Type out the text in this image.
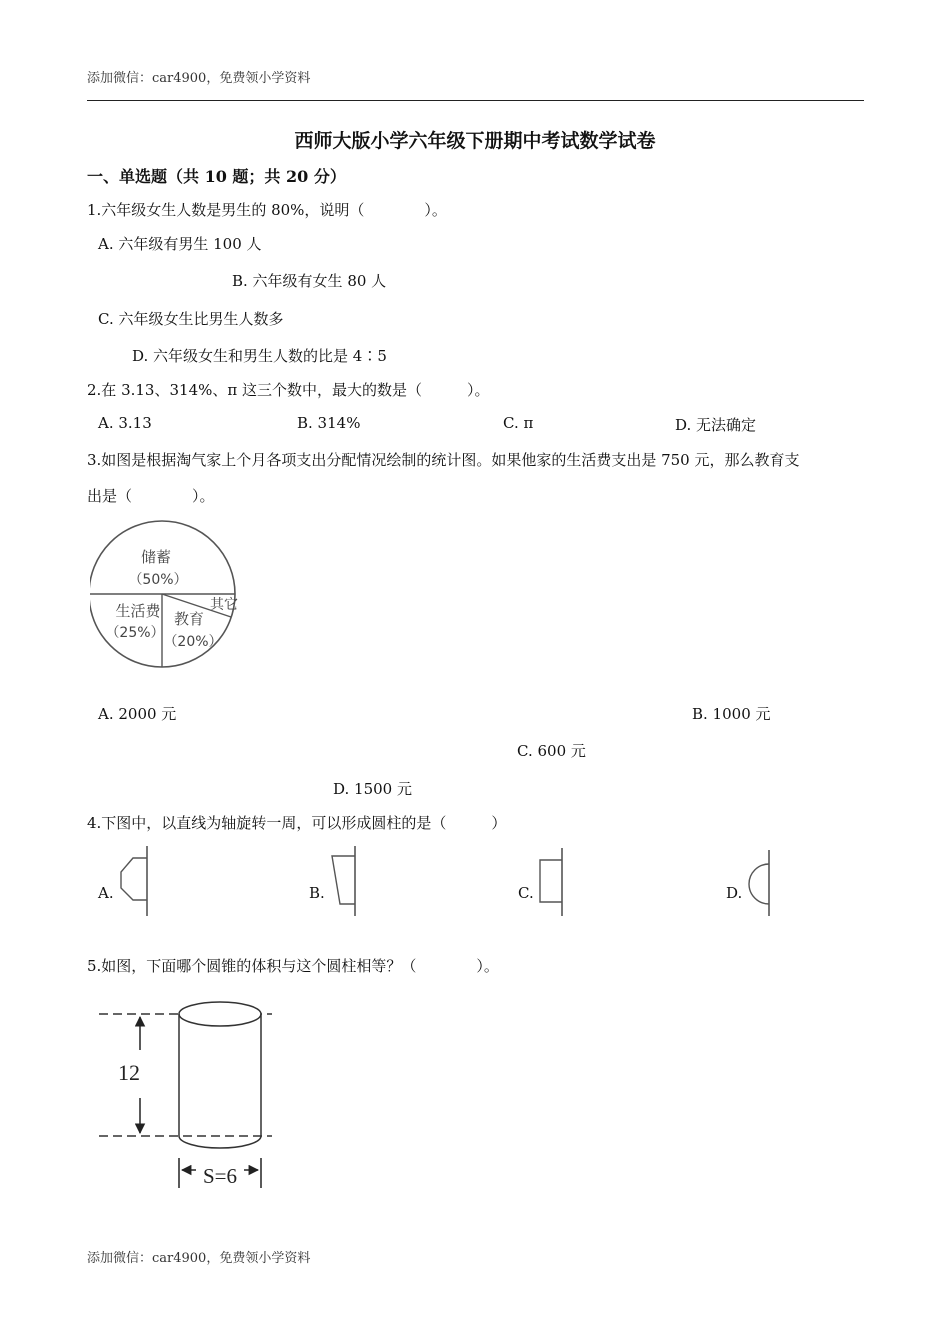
添加微信：car4900，免费领小学资料
西师大版小学六年级下册期中考试数学试卷
一、单选题（共 10 题；共 20 分）
1.六年级女生人数是男生的 80%，说明（　　　　）。
A. 六年级有男生 100 人
B. 六年级有女生 80 人
C. 六年级女生比男生人数多
D. 六年级女生和男生人数的比是 4∶5
2.在 3.13、314%、π 这三个数中，最大的数是（　　　）。
A. 3.13	B. 314%	C. π	D. 无法确定
3.如图是根据淘气家上个月各项支出分配情况绘制的统计图。如果他家的生活费支出是 750 元，那么教育支
出是（　　　　）。
储蓄
（50%）
生活费
（25%）
教育
（20%）
其它
A. 2000 元	B. 1000 元
C. 600 元
D. 1500 元
4.下图中，以直线为轴旋转一周，可以形成圆柱的是（　　　）
A.	B.	C.	D.
5.如图，下面哪个圆锥的体积与这个圆柱相等？（　　　　）。
12
S=6
添加微信：car4900，免费领小学资料
